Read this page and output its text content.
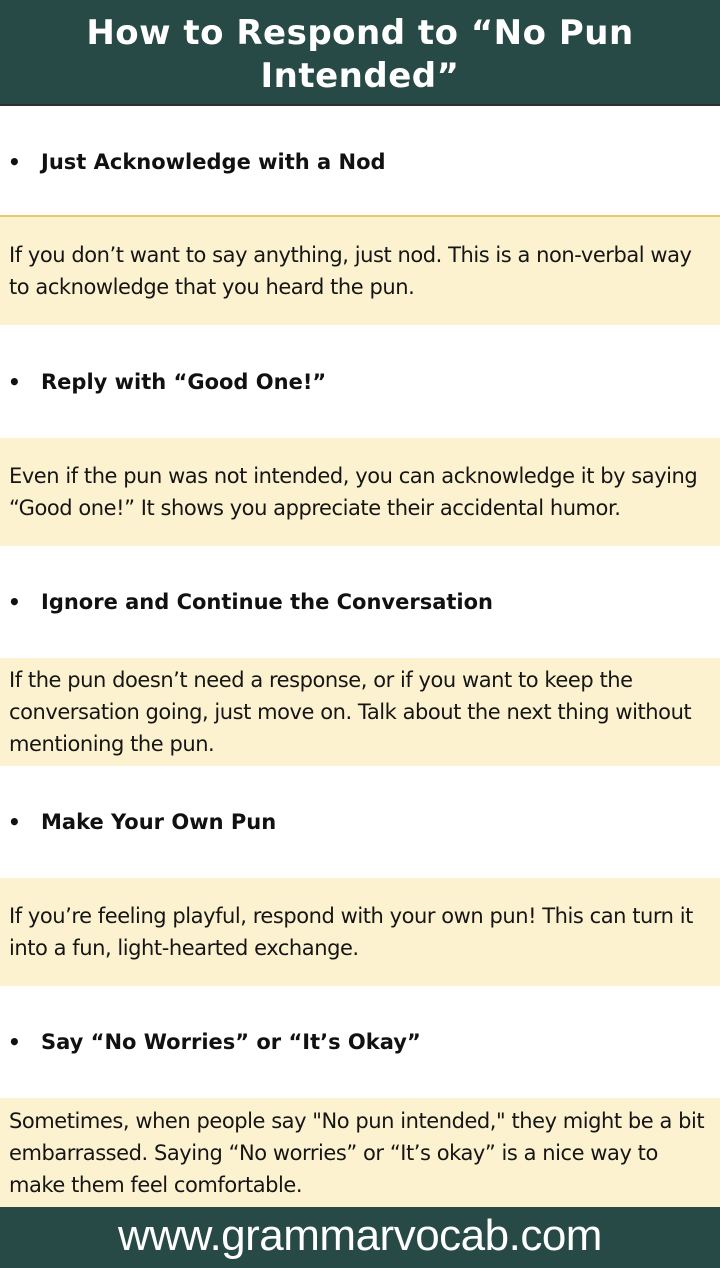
How to Respond to “No Pun
Intended”
• Just Acknowledge with a Nod
If you don’t want to say anything, just nod. This is a non-verbal way to acknowledge that you heard the pun.
• Reply with “Good One!”
Even if the pun was not intended, you can acknowledge it by saying “Good one!” It shows you appreciate their accidental humor.
• Ignore and Continue the Conversation
If the pun doesn’t need a response, or if you want to keep the conversation going, just move on. Talk about the next thing without mentioning the pun.
• Make Your Own Pun
If you’re feeling playful, respond with your own pun! This can turn it into a fun, light-hearted exchange.
• Say “No Worries” or “It’s Okay”
Sometimes, when people say "No pun intended," they might be a bit embarrassed. Saying “No worries” or “It’s okay” is a nice way to make them feel comfortable.
www.grammarvocab.com
